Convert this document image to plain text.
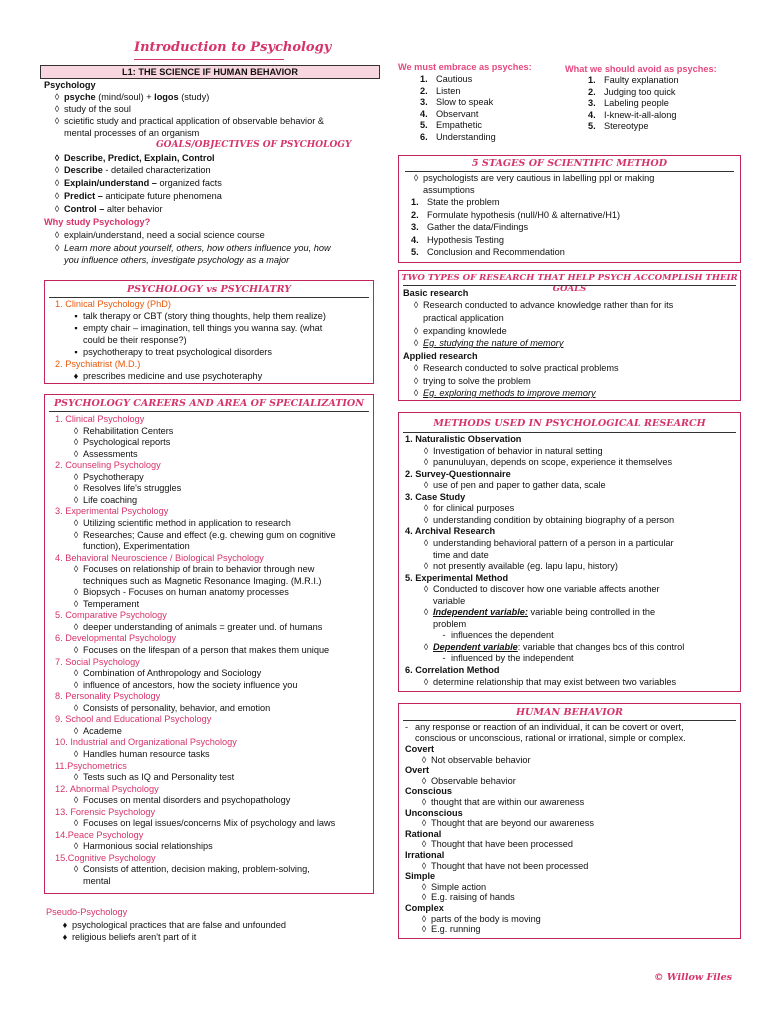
Introduction to Psychology
L1: THE SCIENCE IF HUMAN BEHAVIOR
Psychology
◊ psyche (mind/soul) + logos (study)
◊ study of the soul
◊ scietific study and practical application of observable behavior &
mental processes of an organism
GOALS/OBJECTIVES OF PSYCHOLOGY
◊ Describe, Predict, Explain, Control
◊ Describe - detailed characterization
◊ Explain/understand – organized facts
◊ Predict – anticipate future phenomena
◊ Control – alter behavior
Why study Psychology?
◊ explain/understand, need a social science course
◊ Learn more about yourself, others, how others influence you, how
you influence others, investigate psychology as a major
We must embrace as psyches:
1. Cautious
2. Listen
3. Slow to speak
4. Observant
5. Empathetic
6. Understanding
What we should avoid as psyches:
1. Faulty explanation
2. Judging too quick
3. Labeling people
4. I-knew-it-all-along
5. Stereotype
5 STAGES OF SCIENTIFIC METHOD
◊ psychologists are very cautious in labelling ppl or making
assumptions
1. State the problem
2. Formulate hypothesis (null/H0 & alternative/H1)
3. Gather the data/Findings
4. Hypothesis Testing
5. Conclusion and Recommendation
TWO TYPES OF RESEARCH THAT HELP PSYCH ACCOMPLISH THEIR GOALS
Basic research
◊ Research conducted to advance knowledge rather than for its
practical application
◊ expanding knowlede
◊ Eg. studying the nature of memory
Applied research
◊ Research conducted to solve practical problems
◊ trying to solve the problem
◊ Eg. exploring methods to improve memory
PSYCHOLOGY vs PSYCHIATRY
1. Clinical Psychology (PhD)
▪ talk therapy or CBT (story thing thoughts, help them realize)
▪ empty chair – imagination, tell things you wanna say. (what
could be their response?)
▪ psychotherapy to treat psychological disorders
2. Psychiatrist (M.D.)
♦ prescribes medicine and use psychoteraphy
PSYCHOLOGY CAREERS AND AREA OF SPECIALIZATION
1. Clinical Psychology
◊ Rehabilitation Centers
◊ Psychological reports
◊ Assessments
2. Counseling Psychology
◊ Psychotherapy
◊ Resolves life's struggles
◊ Life coaching
3. Experimental Psychology
◊ Utilizing scientific method in application to research
◊ Researches; Cause and effect (e.g. chewing gum on cognitive
function), Experimentation
4. Behavioral Neuroscience / Biological Psychology
◊ Focuses on relationship of brain to behavior through new
techniques such as Magnetic Resonance Imaging. (M.R.I.)
◊ Biopsych - Focuses on human anatomy processes
◊ Temperament
5. Comparative Psychology
◊ deeper understanding of animals = greater und. of humans
6. Developmental Psychology
◊ Focuses on the lifespan of a person that makes them unique
7. Social Psychology
◊ Combination of Anthropology and Sociology
◊ influence of ancestors, how the society influence you
8. Personality Psychology
◊ Consists of personality, behavior, and emotion
9. School and Educational Psychology
◊ Academe
10. Industrial and Organizational Psychology
◊ Handles human resource tasks
11.Psychometrics
◊ Tests such as IQ and Personality test
12. Abnormal Psychology
◊ Focuses on mental disorders and psychopathology
13. Forensic Psychology
◊ Focuses on legal issues/concerns Mix of psychology and laws
14.Peace Psychology
◊ Harmonious social relationships
15.Cognitive Psychology
◊ Consists of attention, decision making, problem-solving,
mental
METHODS USED IN PSYCHOLOGICAL RESEARCH
1. Naturalistic Observation
◊ Investigation of behavior in natural setting
◊ panunuluyan, depends on scope, experience it themselves
2. Survey-Questionnaire
◊ use of pen and paper to gather data, scale
3. Case Study
◊ for clinical purposes
◊ understanding condition by obtaining biography of a person
4. Archival Research
◊ understanding behavioral pattern of a person in a particular
time and date
◊ not presently available (eg. lapu lapu, history)
5. Experimental Method
◊ Conducted to discover how one variable affects another
variable
◊ Independent variable: variable being controlled in the
problem
- influences the dependent
◊ Dependent variable: variable that changes bcs of this control
- influenced by the independent
6. Correlation Method
◊ determine relationship that may exist between two variables
HUMAN BEHAVIOR
- any response or reaction of an individual, it can be covert or overt,
conscious or unconscious, rational or irrational, simple or complex.
Covert
◊ Not observable behavior
Overt
◊ Observable behavior
Conscious
◊ thought that are within our awareness
Unconscious
◊ Thought that are beyond our awareness
Rational
◊ Thought that have been processed
Irrational
◊ Thought that have not been processed
Simple
◊ Simple action
◊ E.g. raising of hands
Complex
◊ parts of the body is moving
◊ E.g. running
Pseudo-Psychology
♦ psychological practices that are false and unfounded
♦ religious beliefs aren't part of it
© Willow Files
